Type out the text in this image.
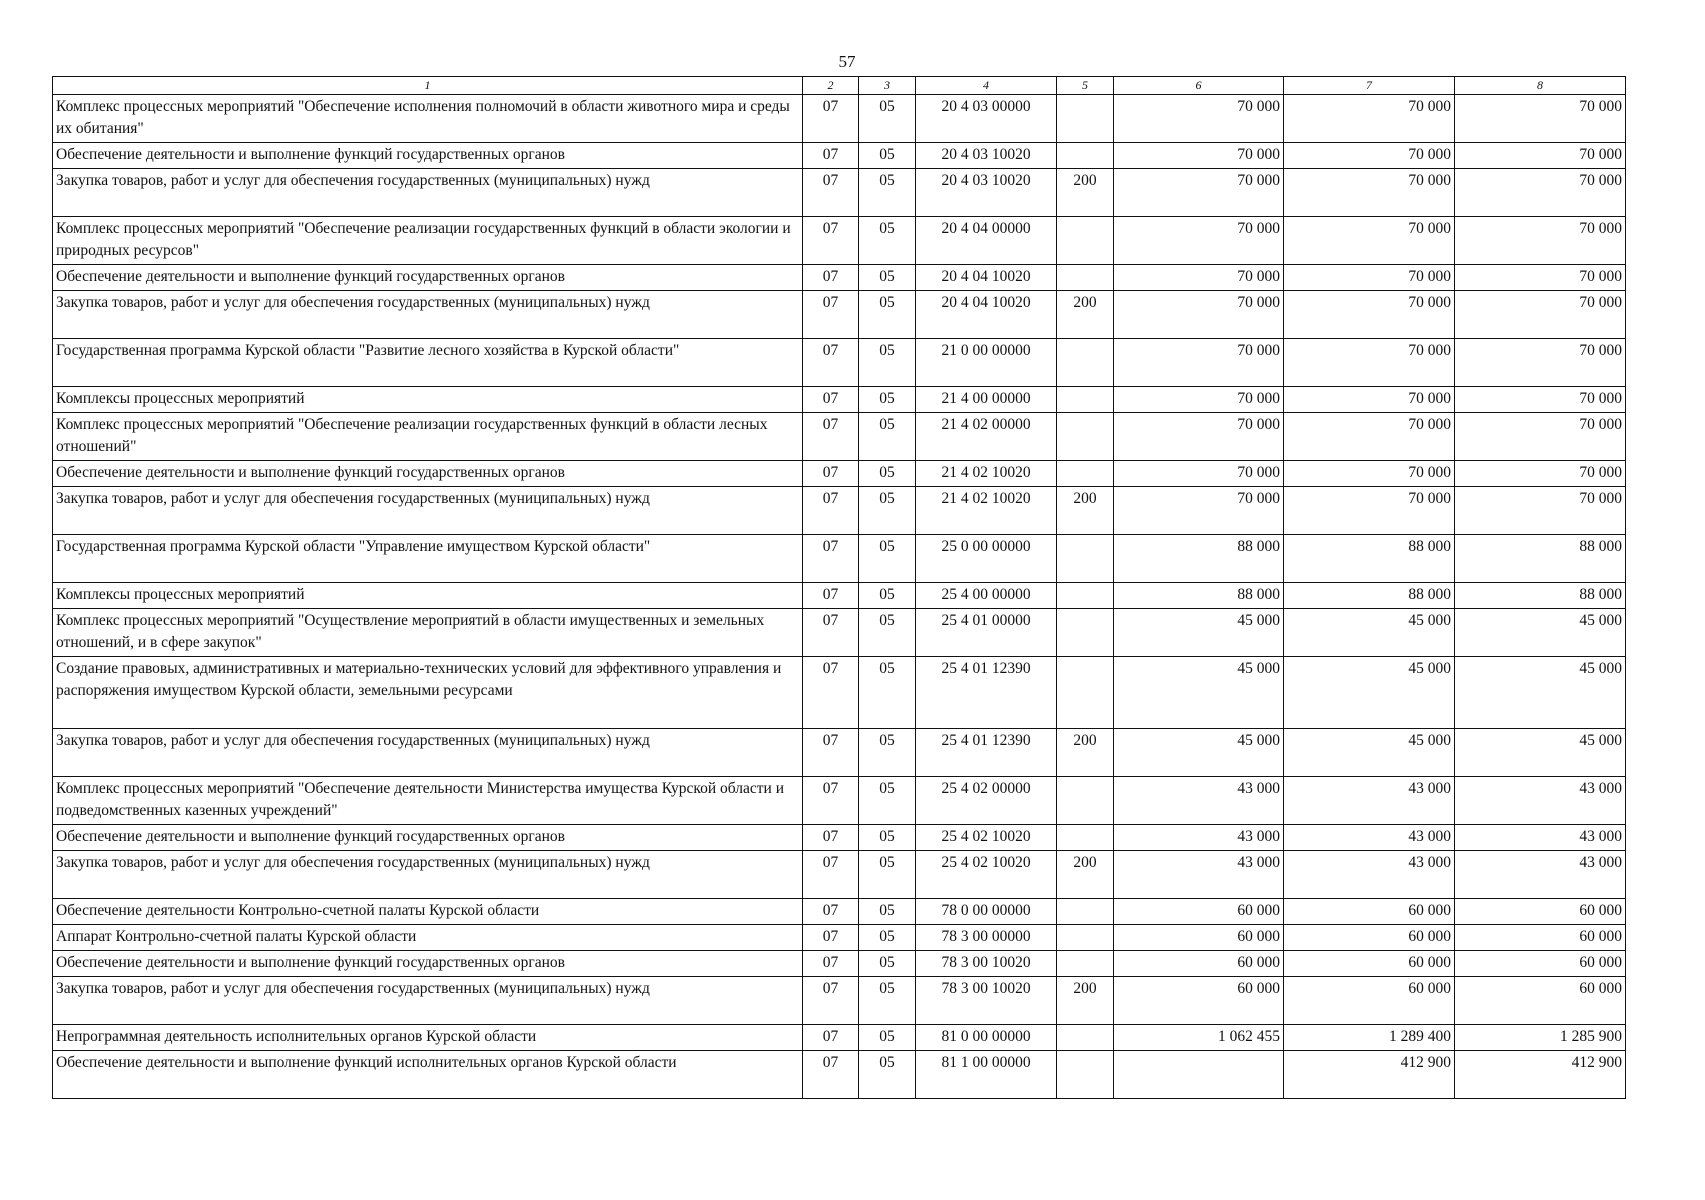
57
1	2	3	4	5	6	7	8
Комплекс процессных мероприятий "Обеспечение исполнения полномочий в области животного мира и среды их обитания"	07	05	20 4 03 00000		70 000	70 000	70 000
Обеспечение деятельности и выполнение функций государственных органов	07	05	20 4 03 10020		70 000	70 000	70 000
Закупка товаров, работ и услуг для обеспечения государственных (муниципальных) нужд	07	05	20 4 03 10020	200	70 000	70 000	70 000
Комплекс процессных мероприятий "Обеспечение реализации государственных функций в области экологии и природных ресурсов"	07	05	20 4 04 00000		70 000	70 000	70 000
Обеспечение деятельности и выполнение функций государственных органов	07	05	20 4 04 10020		70 000	70 000	70 000
Закупка товаров, работ и услуг для обеспечения государственных (муниципальных) нужд	07	05	20 4 04 10020	200	70 000	70 000	70 000
Государственная программа Курской области "Развитие лесного хозяйства в Курской области"	07	05	21 0 00 00000		70 000	70 000	70 000
Комплексы процессных мероприятий	07	05	21 4 00 00000		70 000	70 000	70 000
Комплекс процессных мероприятий "Обеспечение реализации государственных функций в области лесных отношений"	07	05	21 4 02 00000		70 000	70 000	70 000
Обеспечение деятельности и выполнение функций государственных органов	07	05	21 4 02 10020		70 000	70 000	70 000
Закупка товаров, работ и услуг для обеспечения государственных (муниципальных) нужд	07	05	21 4 02 10020	200	70 000	70 000	70 000
Государственная программа Курской области "Управление имуществом Курской области"	07	05	25 0 00 00000		88 000	88 000	88 000
Комплексы процессных мероприятий	07	05	25 4 00 00000		88 000	88 000	88 000
Комплекс процессных мероприятий "Осуществление мероприятий в области имущественных и земельных отношений, и в сфере закупок"	07	05	25 4 01 00000		45 000	45 000	45 000
Создание правовых, административных и материально-технических условий для эффективного управления и распоряжения имуществом Курской области, земельными ресурсами	07	05	25 4 01 12390		45 000	45 000	45 000
Закупка товаров, работ и услуг для обеспечения государственных (муниципальных) нужд	07	05	25 4 01 12390	200	45 000	45 000	45 000
Комплекс процессных мероприятий "Обеспечение деятельности Министерства имущества Курской области и подведомственных казенных учреждений"	07	05	25 4 02 00000		43 000	43 000	43 000
Обеспечение деятельности и выполнение функций государственных органов	07	05	25 4 02 10020		43 000	43 000	43 000
Закупка товаров, работ и услуг для обеспечения государственных (муниципальных) нужд	07	05	25 4 02 10020	200	43 000	43 000	43 000
Обеспечение деятельности Контрольно-счетной палаты Курской области	07	05	78 0 00 00000		60 000	60 000	60 000
Аппарат Контрольно-счетной палаты Курской области	07	05	78 3 00 00000		60 000	60 000	60 000
Обеспечение деятельности и выполнение функций государственных органов	07	05	78 3 00 10020		60 000	60 000	60 000
Закупка товаров, работ и услуг для обеспечения государственных (муниципальных) нужд	07	05	78 3 00 10020	200	60 000	60 000	60 000
Непрограммная деятельность исполнительных органов Курской области	07	05	81 0 00 00000		1 062 455	1 289 400	1 285 900
Обеспечение деятельности и выполнение функций исполнительных органов Курской области	07	05	81 1 00 00000			412 900	412 900
